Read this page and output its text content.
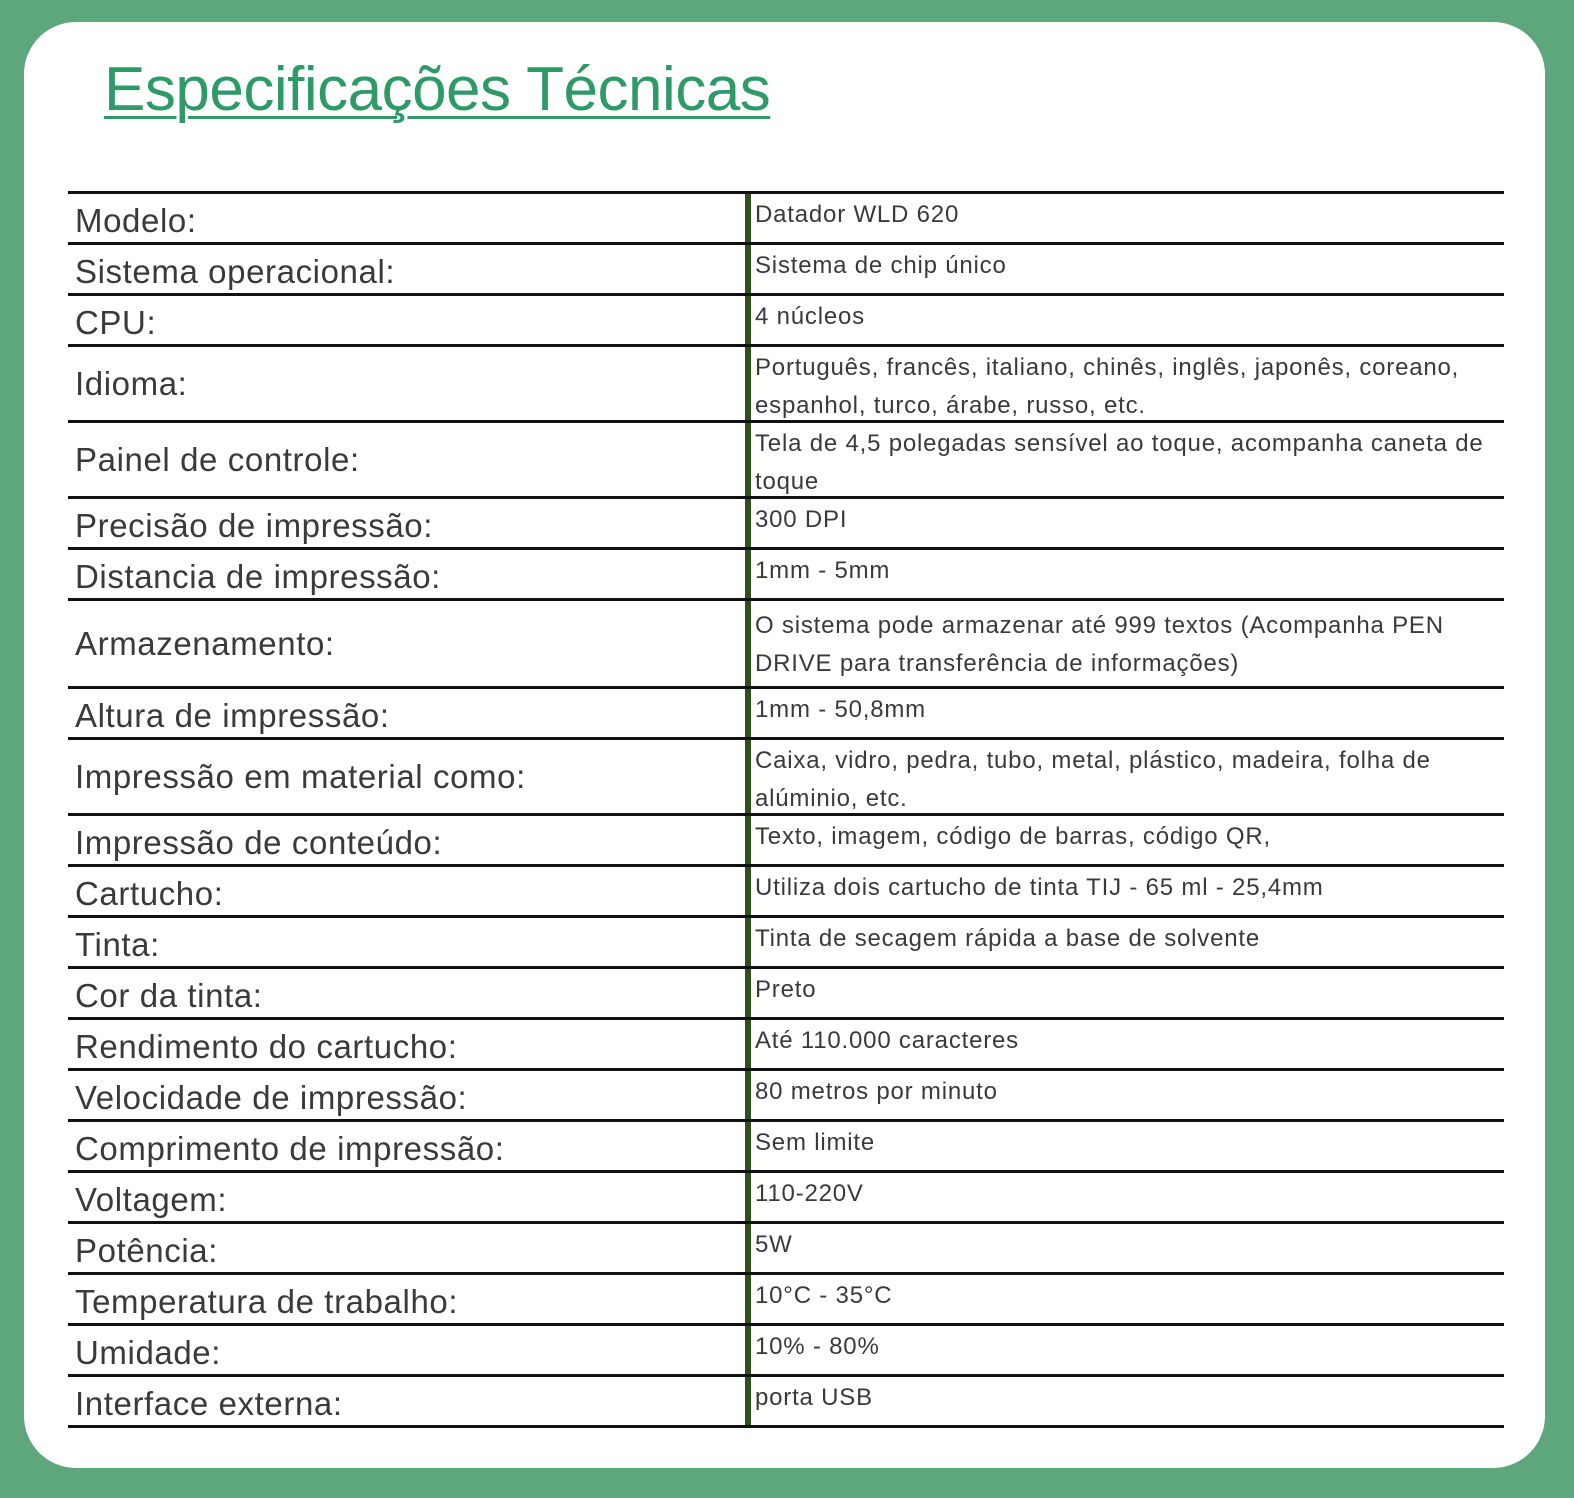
Especificações Técnicas
Modelo:	Datador WLD 620
Sistema operacional:	Sistema de chip único
CPU:	4 núcleos
Idioma:	Português, francês, italiano, chinês, inglês, japonês, coreano, espanhol, turco, árabe, russo, etc.
Painel de controle:	Tela de 4,5 polegadas sensível ao toque, acompanha caneta de toque
Precisão de impressão:	300 DPI
Distancia de impressão:	1mm - 5mm
Armazenamento:	O sistema pode armazenar até 999 textos (Acompanha PEN DRIVE para transferência de informações)
Altura de impressão:	1mm - 50,8mm
Impressão em material como:	Caixa, vidro, pedra, tubo, metal, plástico, madeira, folha de alúminio, etc.
Impressão de conteúdo:	Texto, imagem, código de barras, código QR,
Cartucho:	Utiliza dois cartucho de tinta TIJ - 65 ml - 25,4mm
Tinta:	Tinta de secagem rápida a base de solvente
Cor da tinta:	Preto
Rendimento do cartucho:	Até 110.000 caracteres
Velocidade de impressão:	80 metros por minuto
Comprimento de impressão:	Sem limite
Voltagem:	110-220V
Potência:	5W
Temperatura de trabalho:	10°C - 35°C
Umidade:	10% - 80%
Interface externa:	porta USB
